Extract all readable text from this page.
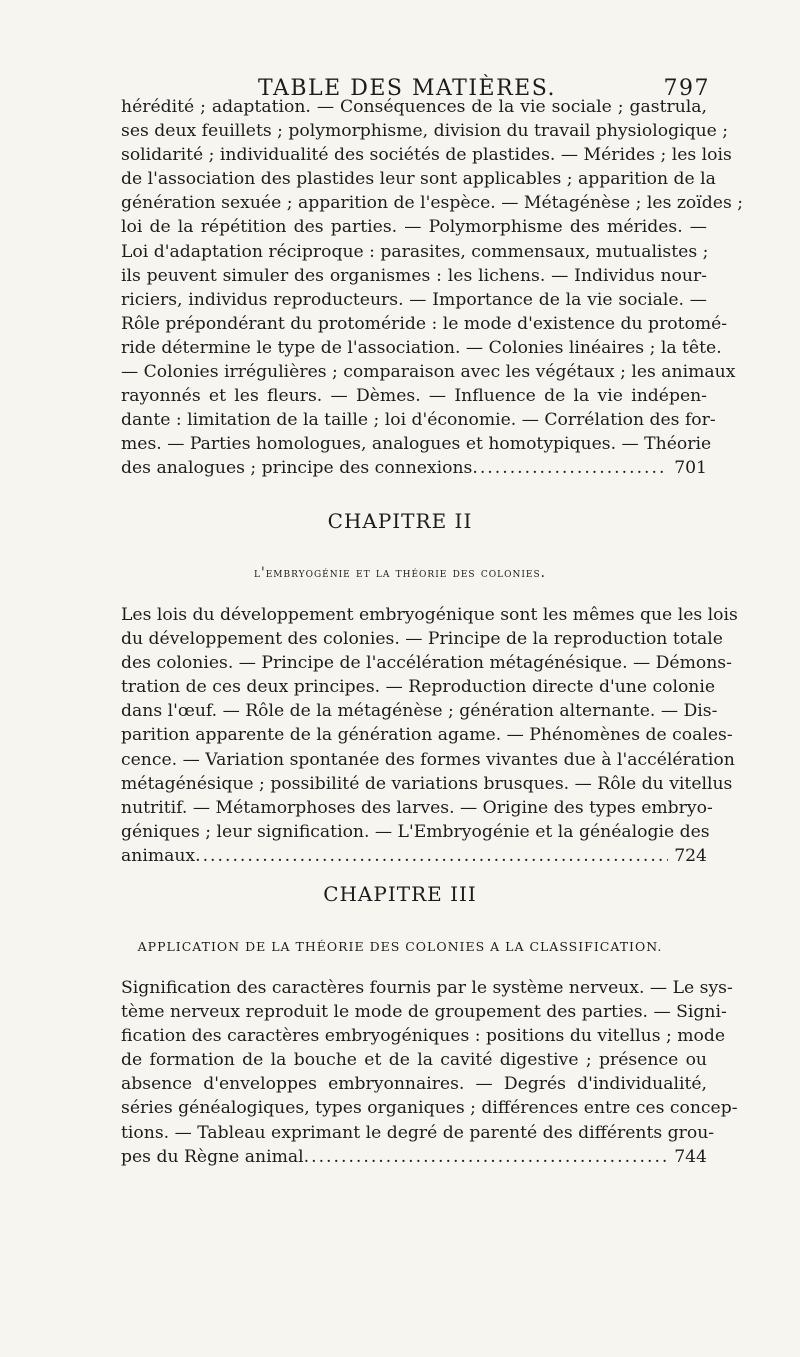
TABLE DES MATIÈRES.	797
hérédité ; adaptation. — Conséquences de la vie sociale ; gastrula,
ses deux feuillets ; polymorphisme, division du travail physiologique ;
solidarité ; individualité des sociétés de plastides. — Mérides ; les lois
de l'association des plastides leur sont applicables ; apparition de la
génération sexuée ; apparition de l'espèce. — Métagénèse ; les zoïdes ;
loi de la répétition des parties. — Polymorphisme des mérides. —
Loi d'adaptation réciproque : parasites, commensaux, mutualistes ;
ils peuvent simuler des organismes : les lichens. — Individus nour-
riciers, individus reproducteurs. — Importance de la vie sociale. —
Rôle prépondérant du protoméride : le mode d'existence du protomé-
ride détermine le type de l'association. — Colonies linéaires ; la tête.
— Colonies irrégulières ; comparaison avec les végétaux ; les animaux
rayonnés et les fleurs. — Dèmes. — Influence de la vie indépen-
dante : limitation de la taille ; loi d'économie. — Corrélation des for-
mes. — Parties homologues, analogues et homotypiques. — Théorie
des analogues ; principe des connexions .....	701
CHAPITRE II
l'embryogénie et la théorie des colonies.
Les lois du développement embryogénique sont les mêmes que les lois
du développement des colonies. — Principe de la reproduction totale
des colonies. — Principe de l'accélération métagénésique. — Démons-
tration de ces deux principes. — Reproduction directe d'une colonie
dans l'œuf. — Rôle de la métagénèse ; génération alternante. — Dis-
parition apparente de la génération agame. — Phénomènes de coales-
cence. — Variation spontanée des formes vivantes due à l'accélération
métagénésique ; possibilité de variations brusques. — Rôle du vitellus
nutritif. — Métamorphoses des larves. — Origine des types embryo-
géniques ; leur signification. — L'Embryogénie et la généalogie des
animaux .....	724
CHAPITRE III
APPLICATION DE LA THÉORIE DES COLONIES A LA CLASSIFICATION.
Signification des caractères fournis par le système nerveux. — Le sys-
tème nerveux reproduit le mode de groupement des parties. — Signi-
fication des caractères embryogéniques : positions du vitellus ; mode
de formation de la bouche et de la cavité digestive ; présence ou
absence d'enveloppes embryonnaires. — Degrés d'individualité,
séries généalogiques, types organiques ; différences entre ces concep-
tions. — Tableau exprimant le degré de parenté des différents grou-
pes du Règne animal .....	744
